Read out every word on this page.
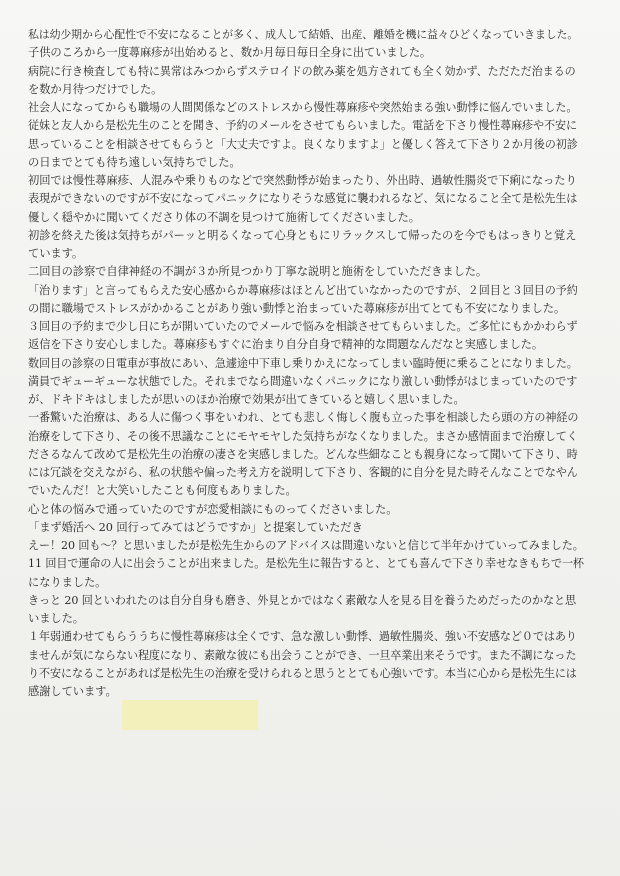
私は幼少期から心配性で不安になることが多く、成人して結婚、出産、離婚を機に益々ひどくなっていきました。
子供のころから一度蕁麻疹が出始めると、数か月毎日毎日全身に出ていました。
病院に行き検査しても特に異常はみつからずステロイドの飲み薬を処方されても全く効かず、ただただ治まるの
を数か月待つだけでした。
社会人になってからも職場の人間関係などのストレスから慢性蕁麻疹や突然始まる強い動悸に悩んでいました。
従妹と友人から是松先生のことを聞き、予約のメールをさせてもらいました。電話を下さり慢性蕁麻疹や不安に
思っていることを相談させてもらうと「大丈夫ですよ。良くなりますよ」と優しく答えて下さり２か月後の初診
の日までとても待ち遠しい気持ちでした。
初回では慢性蕁麻疹、人混みや乗りものなどで突然動悸が始まったり、外出時、過敏性腸炎で下痢になったり
表現ができないのですが不安になってパニックになりそうな感覚に襲われるなど、気になること全て是松先生は
優しく穏やかに聞いてくださり体の不調を見つけて施術してくださいました。
初診を終えた後は気持ちがパーッと明るくなって心身ともにリラックスして帰ったのを今でもはっきりと覚え
ています。
二回目の診察で自律神経の不調が３か所見つかり丁寧な説明と施術をしていただきました。
「治ります」と言ってもらえた安心感からか蕁麻疹はほとんど出ていなかったのですが、２回目と３回目の予約
の間に職場でストレスがかかることがあり強い動悸と治まっていた蕁麻疹が出てとても不安になりました。
３回目の予約まで少し日にちが開いていたのでメールで悩みを相談させてもらいました。ご多忙にもかかわらず
返信を下さり安心しました。蕁麻疹もすぐに治まり自分自身で精神的な問題なんだなと実感しました。
数回目の診察の日電車が事故にあい、急遽途中下車し乗りかえになってしまい臨時便に乗ることになりました。
満員でギューギューな状態でした。それまでなら間違いなくパニックになり激しい動悸がはじまっていたのです
が、ドキドキはしましたが思いのほか治療で効果が出てきていると嬉しく思いました。
一番驚いた治療は、ある人に傷つく事をいわれ、とても悲しく悔しく腹も立った事を相談したら頭の方の神経の
治療をして下さり、その後不思議なことにモヤモヤした気持ちがなくなりました。まさか感情面まで治療してく
ださるなんて改めて是松先生の治療の凄さを実感しました。どんな些細なことも親身になって聞いて下さり、時
には冗談を交えながら、私の状態や偏った考え方を説明して下さり、客観的に自分を見た時そんなことでなやん
でいたんだ！と大笑いしたことも何度もありました。
心と体の悩みで通っていたのですが恋愛相談にものってくださいました。
「まず婚活へ 20 回行ってみてはどうですか」と提案していただき
えー！20 回も～？と思いましたが是松先生からのアドバイスは間違いないと信じて半年かけていってみました。
11 回目で運命の人に出会うことが出来ました。是松先生に報告すると、とても喜んで下さり幸せなきもちで一杯
になりました。
きっと 20 回といわれたのは自分自身も磨き、外見とかではなく素敵な人を見る目を養うためだったのかなと思
いました。
１年弱通わせてもらううちに慢性蕁麻疹は全くです、急な激しい動悸、過敏性腸炎、強い不安感など０ではあり
ませんが気にならない程度になり、素敵な彼にも出会うことができ、一旦卒業出来そうです。また不調になった
り不安になることがあれば是松先生の治療を受けられると思うととても心強いです。本当に心から是松先生には
感謝しています。
